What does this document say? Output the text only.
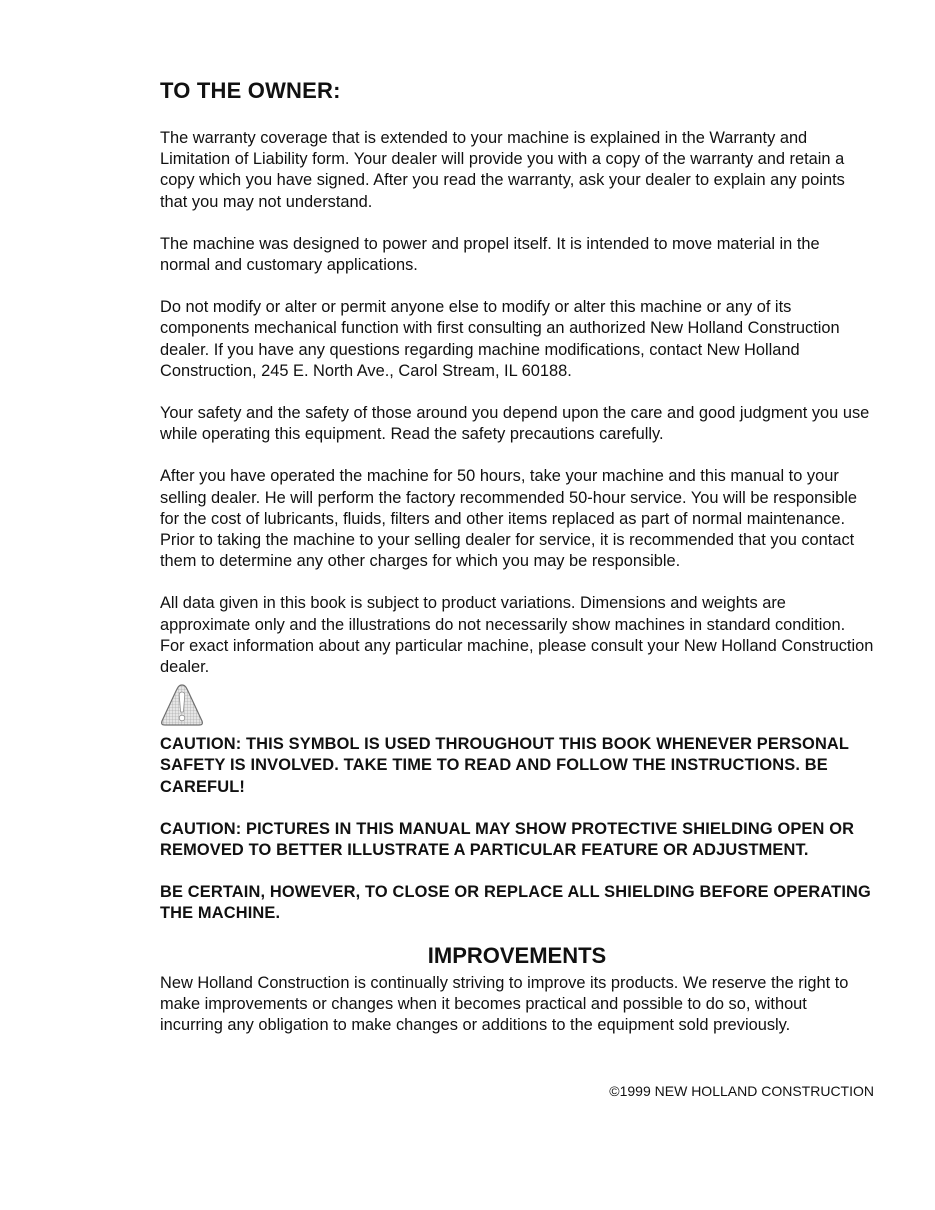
TO THE OWNER:

The warranty coverage that is extended to your machine is explained in the Warranty and Limitation of Liability form. Your dealer will provide you with a copy of the warranty and retain a copy which you have signed. After you read the warranty, ask your dealer to explain any points that you may not understand.

The machine was designed to power and propel itself. It is intended to move material in the normal and customary applications.

Do not modify or alter or permit anyone else to modify or alter this machine or any of its components mechanical function with first consulting an authorized New Holland Construction dealer. If you have any questions regarding machine modifications, contact New Holland Construction, 245 E. North Ave., Carol Stream, IL 60188.

Your safety and the safety of those around you depend upon the care and good judgment you use while operating this equipment. Read the safety precautions carefully.

After you have operated the machine for 50 hours, take your machine and this manual to your selling dealer. He will perform the factory recommended 50-hour service. You will be responsible for the cost of lubricants, fluids, filters and other items replaced as part of normal maintenance. Prior to taking the machine to your selling dealer for service, it is recommended that you contact them to determine any other charges for which you may be responsible.

All data given in this book is subject to product variations. Dimensions and weights are approximate only and the illustrations do not necessarily show machines in standard condition. For exact information about any particular machine, please consult your New Holland Construction dealer.

CAUTION: THIS SYMBOL IS USED THROUGHOUT THIS BOOK WHENEVER PERSONAL SAFETY IS INVOLVED. TAKE TIME TO READ AND FOLLOW THE INSTRUCTIONS. BE CAREFUL!

CAUTION: PICTURES IN THIS MANUAL MAY SHOW PROTECTIVE SHIELDING OPEN OR REMOVED TO BETTER ILLUSTRATE A PARTICULAR FEATURE OR ADJUSTMENT.

BE CERTAIN, HOWEVER, TO CLOSE OR REPLACE ALL SHIELDING BEFORE OPERATING THE MACHINE.

IMPROVEMENTS

New Holland Construction is continually striving to improve its products. We reserve the right to make improvements or changes when it becomes practical and possible to do so, without incurring any obligation to make changes or additions to the equipment sold previously.

©1999 NEW HOLLAND CONSTRUCTION
